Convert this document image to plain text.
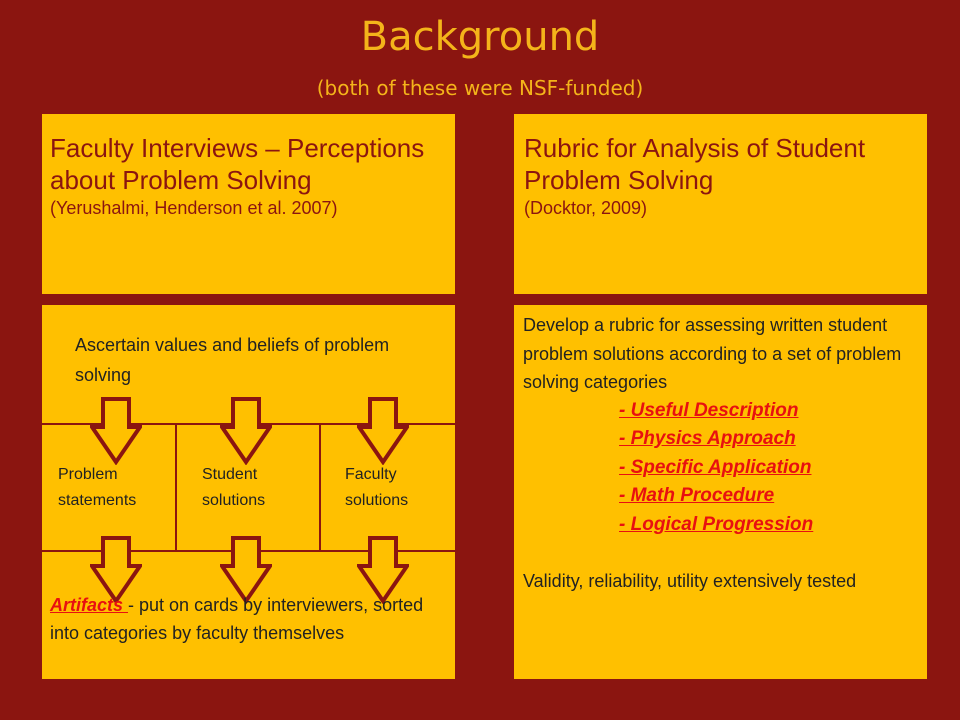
Background
(both of these were NSF-funded)
Faculty Interviews – Perceptions about Problem Solving
(Yerushalmi, Henderson et al. 2007)
Rubric for Analysis of Student Problem Solving
(Docktor, 2009)
Ascertain values and beliefs of problem solving
Problem
statements
Student
solutions
Faculty
solutions
Artifacts - put on cards by interviewers, sorted into categories by faculty themselves
Develop a rubric for assessing written student problem solutions according to a set of problem solving categories
- Useful Description
- Physics Approach
- Specific Application
- Math Procedure
- Logical Progression
Validity, reliability, utility extensively tested
